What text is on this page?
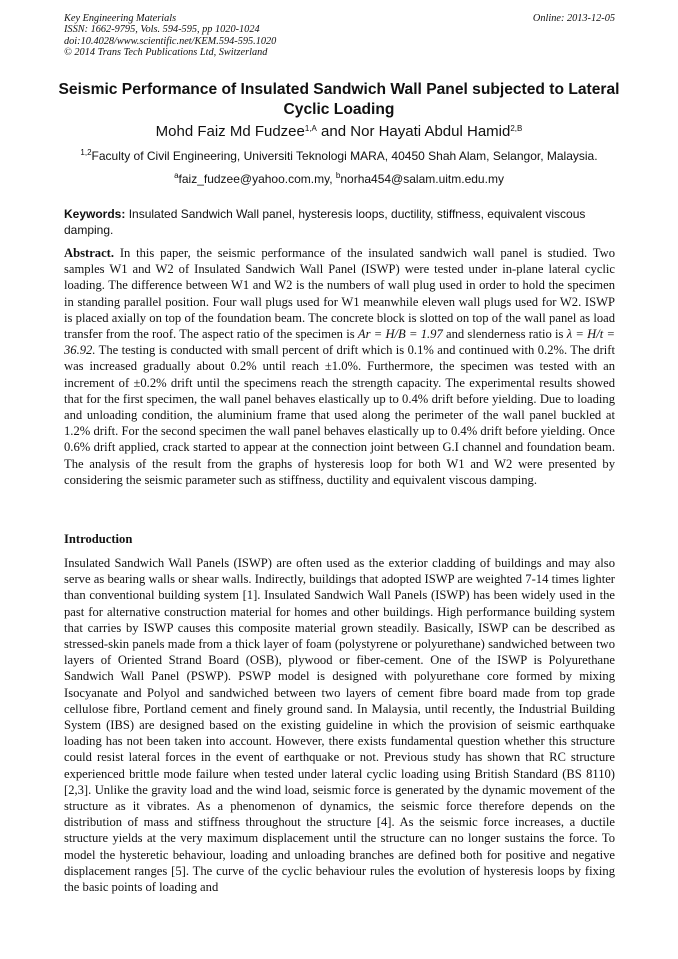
Key Engineering Materials
ISSN: 1662-9795, Vols. 594-595, pp 1020-1024
doi:10.4028/www.scientific.net/KEM.594-595.1020
© 2014 Trans Tech Publications Ltd, Switzerland
Online: 2013-12-05
Seismic Performance of Insulated Sandwich Wall Panel subjected to Lateral Cyclic Loading
Mohd Faiz Md Fudzee$^{1,A}$ and Nor Hayati Abdul Hamid$^{2,B}$
$^{1,2}$Faculty of Civil Engineering, Universiti Teknologi MARA, 40450 Shah Alam, Selangor, Malaysia.
$^a$faiz_fudzee@yahoo.com.my, $^b$norha454@salam.uitm.edu.my
Keywords: Insulated Sandwich Wall panel, hysteresis loops, ductility, stiffness, equivalent viscous damping.
Abstract. In this paper, the seismic performance of the insulated sandwich wall panel is studied. Two samples W1 and W2 of Insulated Sandwich Wall Panel (ISWP) were tested under in-plane lateral cyclic loading. The difference between W1 and W2 is the numbers of wall plug used in order to hold the specimen in standing parallel position. Four wall plugs used for W1 meanwhile eleven wall plugs used for W2. ISWP is placed axially on top of the foundation beam. The concrete block is slotted on top of the wall panel as load transfer from the roof. The aspect ratio of the specimen is Ar = H/B = 1.97 and slenderness ratio is λ = H/t = 36.92. The testing is conducted with small percent of drift which is 0.1% and continued with 0.2%. The drift was increased gradually about 0.2% until reach ±1.0%. Furthermore, the specimen was tested with an increment of ±0.2% drift until the specimens reach the strength capacity. The experimental results showed that for the first specimen, the wall panel behaves elastically up to 0.4% drift before yielding. Due to loading and unloading condition, the aluminium frame that used along the perimeter of the wall panel buckled at 1.2% drift. For the second specimen the wall panel behaves elastically up to 0.4% drift before yielding. Once 0.6% drift applied, crack started to appear at the connection joint between G.I channel and foundation beam. The analysis of the result from the graphs of hysteresis loop for both W1 and W2 were presented by considering the seismic parameter such as stiffness, ductility and equivalent viscous damping.
Introduction
Insulated Sandwich Wall Panels (ISWP) are often used as the exterior cladding of buildings and may also serve as bearing walls or shear walls. Indirectly, buildings that adopted ISWP are weighted 7-14 times lighter than conventional building system [1]. Insulated Sandwich Wall Panels (ISWP) has been widely used in the past for alternative construction material for homes and other buildings. High performance building system that carries by ISWP causes this composite material grown steadily. Basically, ISWP can be described as stressed-skin panels made from a thick layer of foam (polystyrene or polyurethane) sandwiched between two layers of Oriented Strand Board (OSB), plywood or fiber-cement. One of the ISWP is Polyurethane Sandwich Wall Panel (PSWP). PSWP model is designed with polyurethane core formed by mixing Isocyanate and Polyol and sandwiched between two layers of cement fibre board made from top grade cellulose fibre, Portland cement and finely ground sand. In Malaysia, until recently, the Industrial Building System (IBS) are designed based on the existing guideline in which the provision of seismic earthquake loading has not been taken into account. However, there exists fundamental question whether this structure could resist lateral forces in the event of earthquake or not. Previous study has shown that RC structure experienced brittle mode failure when tested under lateral cyclic loading using British Standard (BS 8110) [2,3]. Unlike the gravity load and the wind load, seismic force is generated by the dynamic movement of the structure as it vibrates. As a phenomenon of dynamics, the seismic force therefore depends on the distribution of mass and stiffness throughout the structure [4]. As the seismic force increases, a ductile structure yields at the very maximum displacement until the structure can no longer sustains the force. To model the hysteretic behaviour, loading and unloading branches are defined both for positive and negative displacement ranges [5]. The curve of the cyclic behaviour rules the evolution of hysteresis loops by fixing the basic points of loading and
